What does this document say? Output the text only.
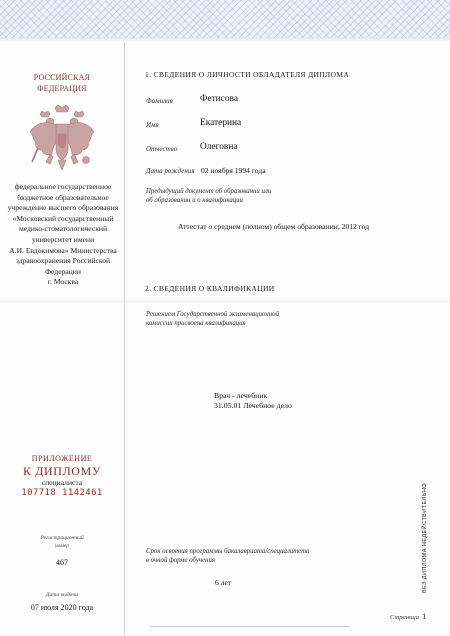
РОССИЙСКАЯ
ФЕДЕРАЦИЯ
федеральное государственное
бюджетное образовательное
учреждение высшего образования
«Московский государственный
медико-стоматологический
университет имени
А.И. Евдокимова» Министерства
здравоохранения Российской
Федерации
г. Москва
ПРИЛОЖЕНИЕ
К ДИПЛОМУ
специалиста
107718 1142461
Регистрационный
номер
467
Дата выдачи
07 июля 2020 года
1. СВЕДЕНИЯ О ЛИЧНОСТИ ОБЛАДАТЕЛЯ ДИПЛОМА
Фамилия	Фетисова
Имя	Екатерина
Отчество Олеговна
Дата рождения 02 ноября 1994 года
Предыдущий документ об образовании или
об образовании и о квалификации
Аттестат о среднем (полном) общем образовании, 2012 год
2. СВЕДЕНИЯ О КВАЛИФИКАЦИИ
Решением Государственной экзаменационной
комиссии присвоена квалификация
Врач - лечебник
31.05.01 Лечебное дело
Срок освоения программы бакалавриата/специалитета
в очной форме обучения
6 лет	БЕЗ ДИПЛОМА НЕДЕЙСТВИТЕЛЬНО
Страница 1
